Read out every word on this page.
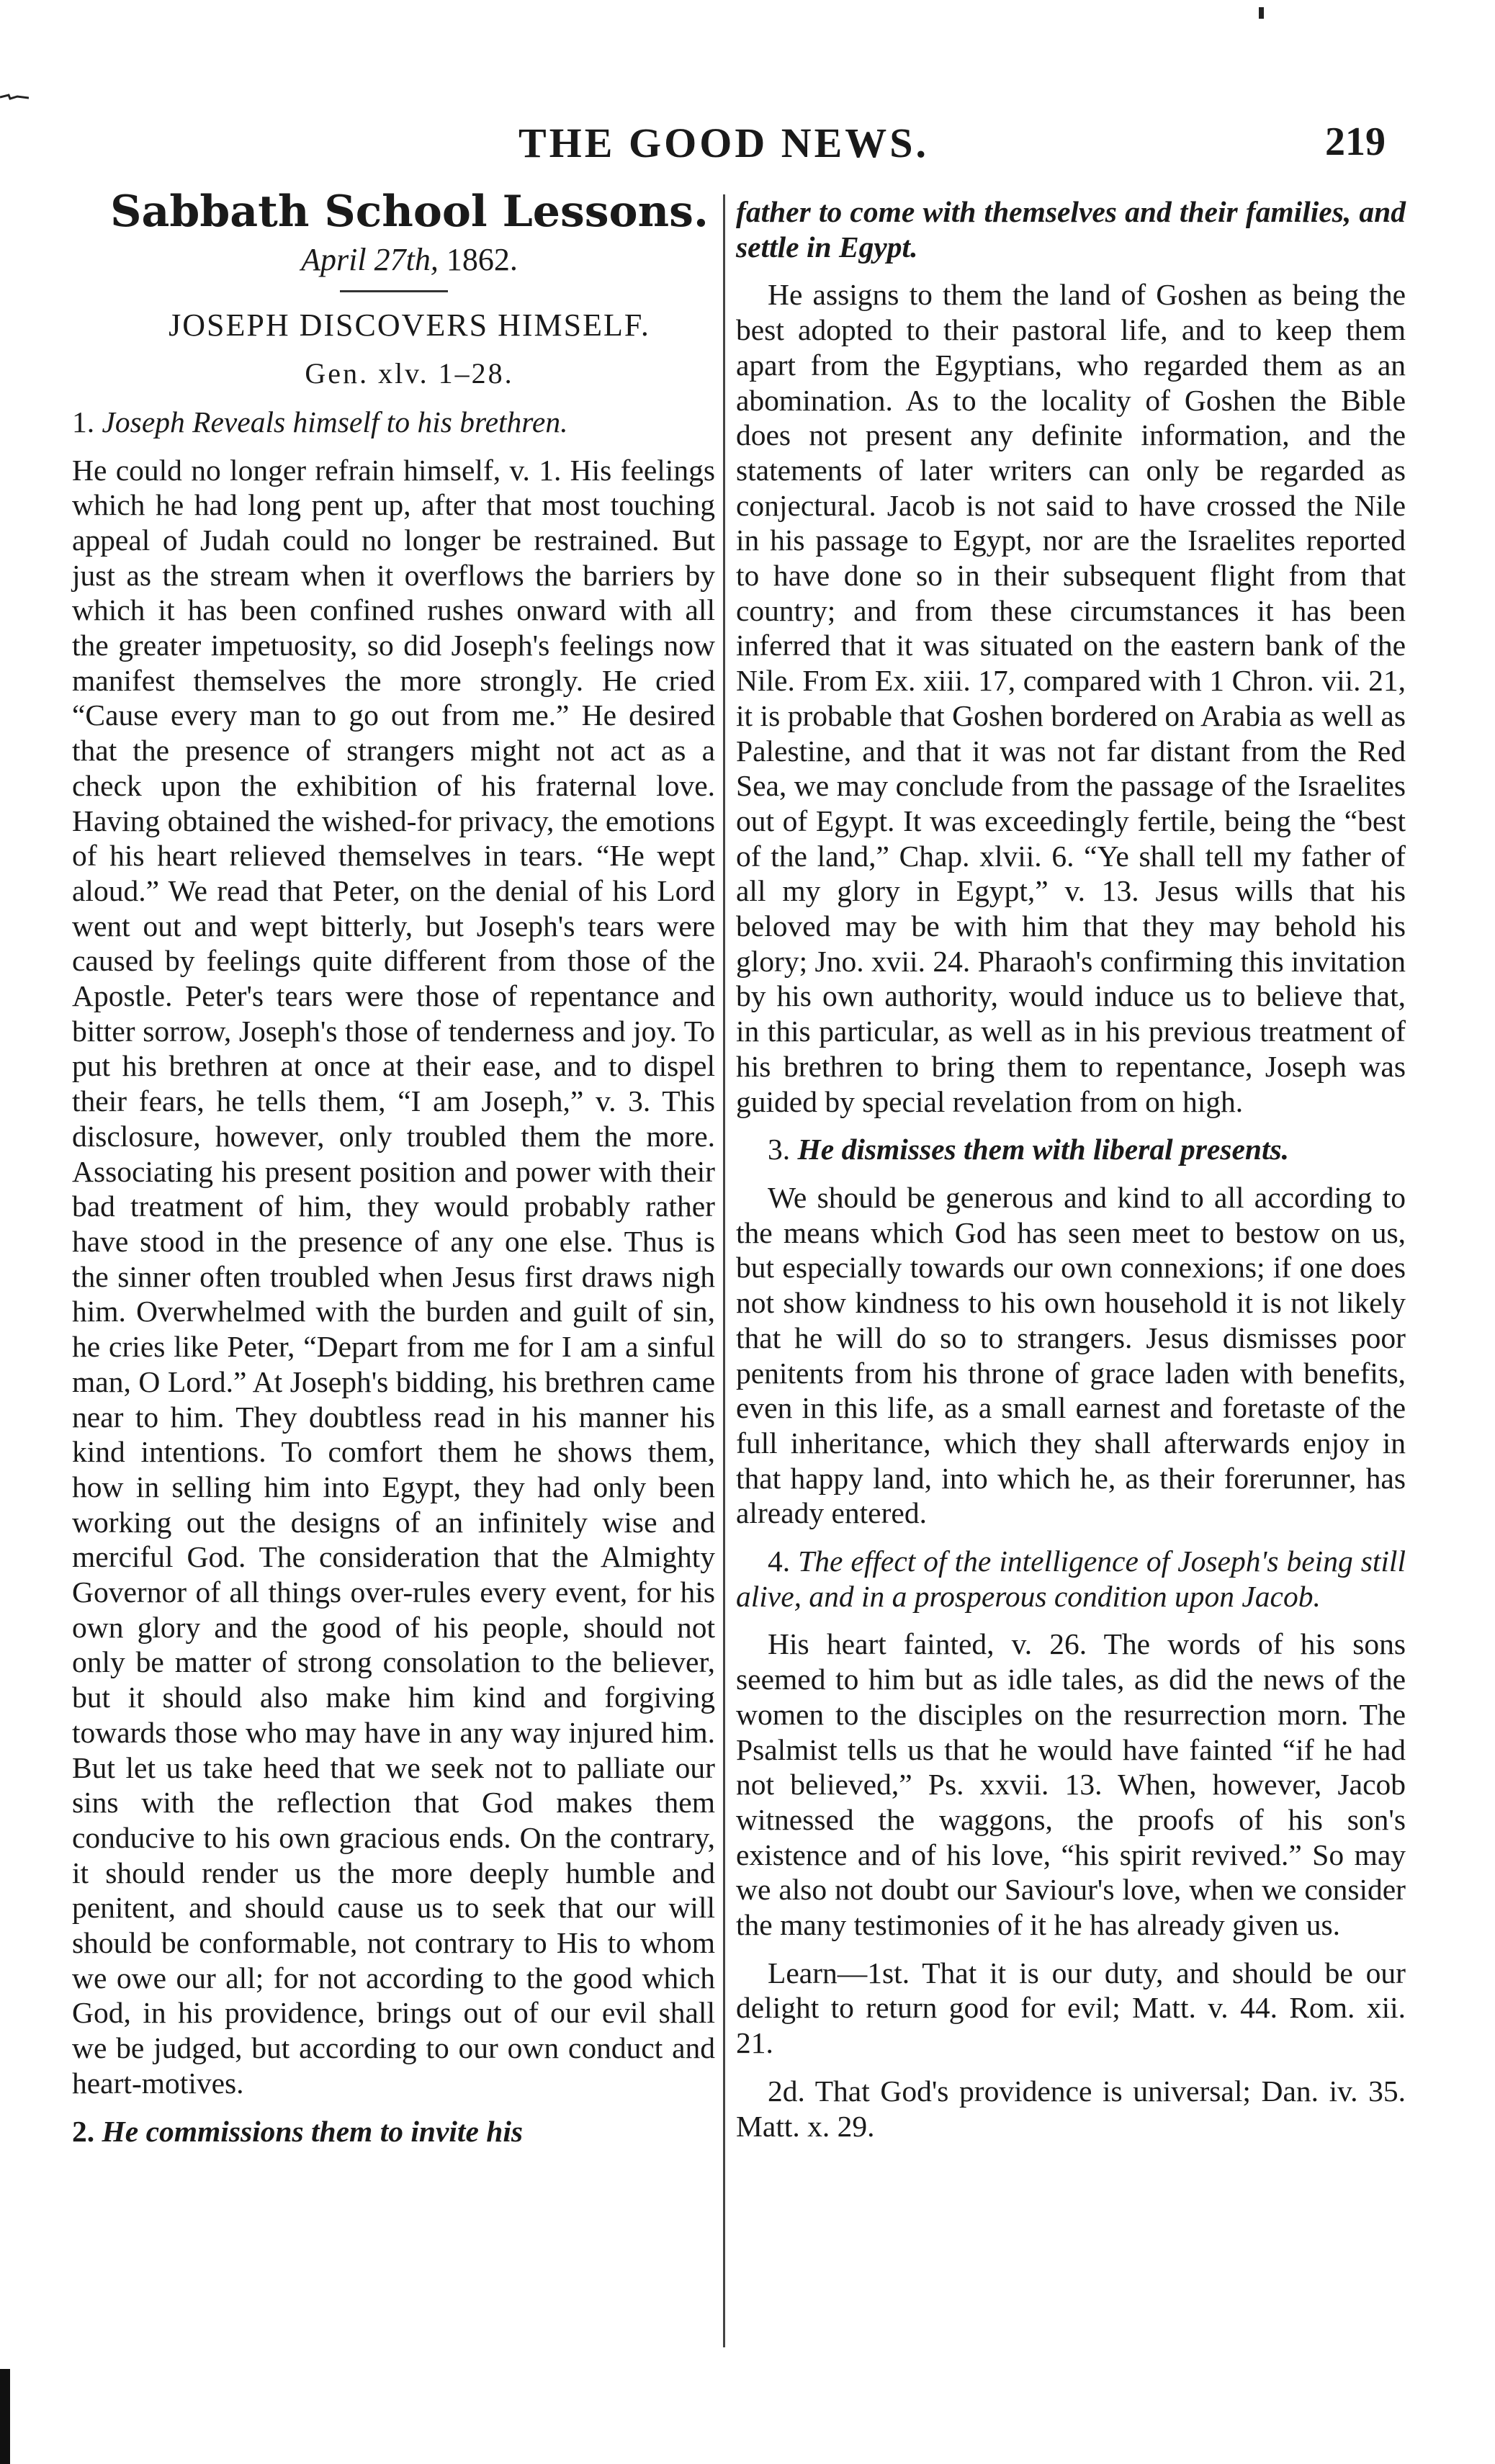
THE GOOD NEWS.	219

Sabbath School Lessons.

April 27th, 1862.

JOSEPH DISCOVERS HIMSELF.

Gen. xlv. 1–28.

1. Joseph Reveals himself to his brethren.

He could no longer refrain himself, v. 1. His feelings which he had long pent up, after that most touching appeal of Judah could no longer be restrained. But just as the stream when it overflows the barriers by which it has been confined rushes onward with all the greater impetuosity, so did Joseph's feelings now manifest themselves the more strongly. He cried “Cause every man to go out from me.” He desired that the presence of strangers might not act as a check upon the exhibition of his fraternal love. Having obtained the wished-for privacy, the emotions of his heart relieved themselves in tears. “He wept aloud.” We read that Peter, on the denial of his Lord went out and wept bitterly, but Joseph's tears were caused by feelings quite different from those of the Apostle. Peter's tears were those of repentance and bitter sorrow, Joseph's those of tenderness and joy. To put his brethren at once at their ease, and to dispel their fears, he tells them, “I am Joseph,” v. 3. This disclosure, however, only troubled them the more. Associating his present position and power with their bad treatment of him, they would probably rather have stood in the presence of any one else. Thus is the sinner often troubled when Jesus first draws nigh him. Overwhelmed with the burden and guilt of sin, he cries like Peter, “Depart from me for I am a sinful man, O Lord.” At Joseph's bidding, his brethren came near to him. They doubtless read in his manner his kind intentions. To comfort them he shows them, how in selling him into Egypt, they had only been working out the designs of an infinitely wise and merciful God. The consideration that the Almighty Governor of all things over-rules every event, for his own glory and the good of his people, should not only be matter of strong consolation to the believer, but it should also make him kind and forgiving towards those who may have in any way injured him. But let us take heed that we seek not to palliate our sins with the reflection that God makes them conducive to his own gracious ends. On the contrary, it should render us the more deeply humble and penitent, and should cause us to seek that our will should be conformable, not contrary to His to whom we owe our all; for not according to the good which God, in his providence, brings out of our evil shall we be judged, but according to our own conduct and heart-motives.

2. He commissions them to invite his

father to come with themselves and their families, and settle in Egypt.

He assigns to them the land of Goshen as being the best adopted to their pastoral life, and to keep them apart from the Egyptians, who regarded them as an abomination. As to the locality of Goshen the Bible does not present any definite information, and the statements of later writers can only be regarded as conjectural. Jacob is not said to have crossed the Nile in his passage to Egypt, nor are the Israelites reported to have done so in their subsequent flight from that country; and from these circumstances it has been inferred that it was situated on the eastern bank of the Nile. From Ex. xiii. 17, compared with 1 Chron. vii. 21, it is probable that Goshen bordered on Arabia as well as Palestine, and that it was not far distant from the Red Sea, we may conclude from the passage of the Israelites out of Egypt. It was exceedingly fertile, being the “best of the land,” Chap. xlvii. 6. “Ye shall tell my father of all my glory in Egypt,” v. 13. Jesus wills that his beloved may be with him that they may behold his glory; Jno. xvii. 24. Pharaoh's confirming this invitation by his own authority, would induce us to believe that, in this particular, as well as in his previous treatment of his brethren to bring them to repentance, Joseph was guided by special revelation from on high.

3. He dismisses them with liberal presents.

We should be generous and kind to all according to the means which God has seen meet to bestow on us, but especially towards our own connexions; if one does not show kindness to his own household it is not likely that he will do so to strangers. Jesus dismisses poor penitents from his throne of grace laden with benefits, even in this life, as a small earnest and foretaste of the full inheritance, which they shall afterwards enjoy in that happy land, into which he, as their forerunner, has already entered.

4. The effect of the intelligence of Joseph's being still alive, and in a prosperous condition upon Jacob.

His heart fainted, v. 26. The words of his sons seemed to him but as idle tales, as did the news of the women to the disciples on the resurrection morn. The Psalmist tells us that he would have fainted “if he had not believed,” Ps. xxvii. 13. When, however, Jacob witnessed the waggons, the proofs of his son's existence and of his love, “his spirit revived.” So may we also not doubt our Saviour's love, when we consider the many testimonies of it he has already given us.

Learn—1st. That it is our duty, and should be our delight to return good for evil; Matt. v. 44. Rom. xii. 21.

2d. That God's providence is universal; Dan. iv. 35. Matt. x. 29.
